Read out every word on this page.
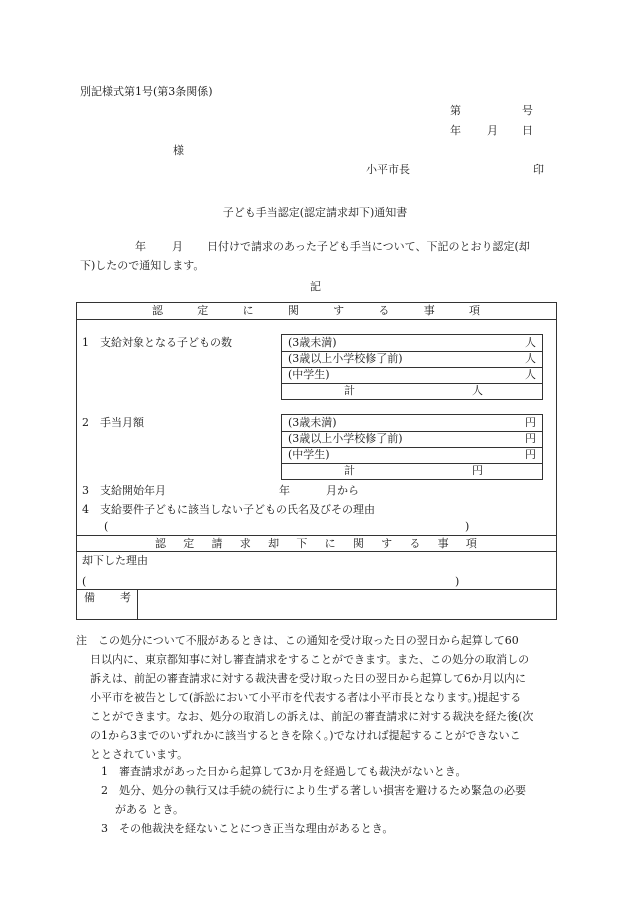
別記様式第1号(第3条関係)
第	号
年 月 日
様
小平市長	印
子ども手当認定(認定請求却下)通知書
年 月 日付けで請求のあった子ども手当について、下記のとおり認定(却
下)したので通知します。
記
認	定	に	関	す	る	事	項
1　支給対象となる子どもの数	(3歳未満)	人
(3歳以上小学校修了前)	人
(中学生)	人
計	人
2　手当月額	(3歳未満)	円
(3歳以上小学校修了前)	円
(中学生)	円
計	円
3　支給開始年月	年	月から
4　支給要件子どもに該当しない子どもの氏名及びその理由
(	)
認 定 請 求 却 下 に 関 す る 事 項
却下した理由
(	)
備 考
注　この処分について不服があるときは、この通知を受け取った日の翌日から起算して60
日以内に、東京都知事に対し審査請求をすることができます。また、この処分の取消しの
訴えは、前記の審査請求に対する裁決書を受け取った日の翌日から起算して6か月以内に
小平市を被告として(訴訟において小平市を代表する者は小平市長となります。)提起する
ことができます。なお、処分の取消しの訴えは、前記の審査請求に対する裁決を経た後(次
の1から3までのいずれかに該当するときを除く。)でなければ提起することができないこ
ととされています。
1　審査請求があった日から起算して3か月を経過しても裁決がないとき。
2　処分、処分の執行又は手続の続行により生ずる著しい損害を避けるため緊急の必要
がある とき。
3　その他裁決を経ないことにつき正当な理由があるとき。
